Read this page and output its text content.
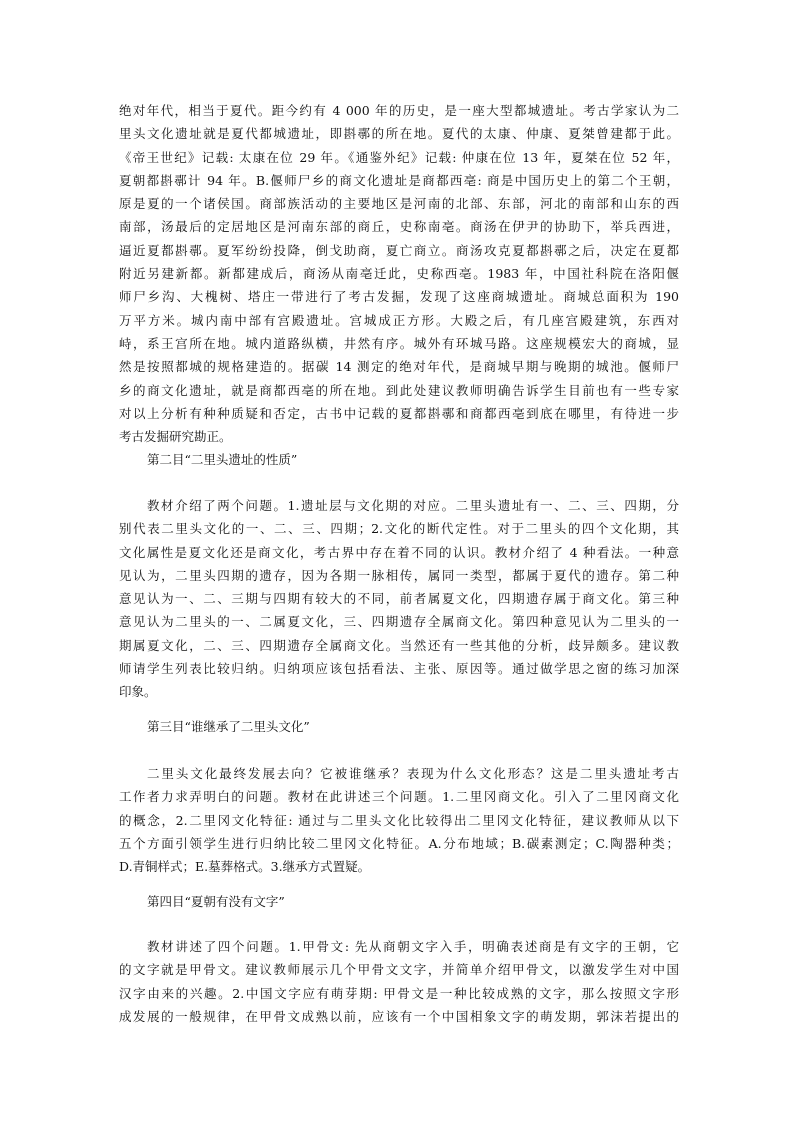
绝对年代，相当于夏代。距今约有 4 000 年的历史，是一座大型都城遗址。考古学家认为二
里头文化遗址就是夏代都城遗址，即斟鄩的所在地。夏代的太康、仲康、夏桀曾建都于此。
《帝王世纪》记载: 太康在位 29 年。《通鉴外纪》记载: 仲康在位 13 年，夏桀在位 52 年，
夏朝都斟鄩计 94 年。B.偃师尸乡的商文化遗址是商都西亳: 商是中国历史上的第二个王朝，
原是夏的一个诸侯国。商部族活动的主要地区是河南的北部、东部，河北的南部和山东的西
南部，汤最后的定居地区是河南东部的商丘，史称南亳。商汤在伊尹的协助下，举兵西进，
逼近夏都斟鄩。夏军纷纷投降，倒戈助商，夏亡商立。商汤攻克夏都斟鄩之后，决定在夏都
附近另建新都。新都建成后，商汤从南亳迁此，史称西亳。1983 年，中国社科院在洛阳偃
师尸乡沟、大槐树、塔庄一带进行了考古发掘，发现了这座商城遗址。商城总面积为 190
万平方米。城内南中部有宫殿遗址。宫城成正方形。大殿之后，有几座宫殿建筑，东西对
峙，系王宫所在地。城内道路纵横，井然有序。城外有环城马路。这座规模宏大的商城，显
然是按照都城的规格建造的。据碳 14 测定的绝对年代，是商城早期与晚期的城池。偃师尸
乡的商文化遗址，就是商都西亳的所在地。到此处建议教师明确告诉学生目前也有一些专家
对以上分析有种种质疑和否定，古书中记载的夏都斟鄩和商都西亳到底在哪里，有待进一步
考古发掘研究勘正。
第二目“二里头遗址的性质”
教材介绍了两个问题。1.遗址层与文化期的对应。二里头遗址有一、二、三、四期，分
别代表二里头文化的一、二、三、四期；2.文化的断代定性。对于二里头的四个文化期，其
文化属性是夏文化还是商文化，考古界中存在着不同的认识。教材介绍了 4 种看法。一种意
见认为，二里头四期的遗存，因为各期一脉相传，属同一类型，都属于夏代的遗存。第二种
意见认为一、二、三期与四期有较大的不同，前者属夏文化，四期遗存属于商文化。第三种
意见认为二里头的一、二属夏文化，三、四期遗存全属商文化。第四种意见认为二里头的一
期属夏文化，二、三、四期遗存全属商文化。当然还有一些其他的分析，歧异颇多。建议教
师请学生列表比较归纳。归纳项应该包括看法、主张、原因等。通过做学思之窗的练习加深
印象。
第三目“谁继承了二里头文化”
二里头文化最终发展去向？它被谁继承？表现为什么文化形态？这是二里头遗址考古
工作者力求弄明白的问题。教材在此讲述三个问题。1.二里冈商文化。引入了二里冈商文化
的概念，2.二里冈文化特征: 通过与二里头文化比较得出二里冈文化特征，建议教师从以下
五个方面引领学生进行归纳比较二里冈文化特征。A.分布地域；B.碳素测定；C.陶器种类；
D.青铜样式；E.墓葬格式。3.继承方式置疑。
第四目“夏朝有没有文字”
教材讲述了四个问题。1.甲骨文: 先从商朝文字入手，明确表述商是有文字的王朝，它
的文字就是甲骨文。建议教师展示几个甲骨文文字，并简单介绍甲骨文，以激发学生对中国
汉字由来的兴趣。2.中国文字应有萌芽期: 甲骨文是一种比较成熟的文字，那么按照文字形
成发展的一般规律，在甲骨文成熟以前，应该有一个中国相象文字的萌发期，郭沫若提出的
